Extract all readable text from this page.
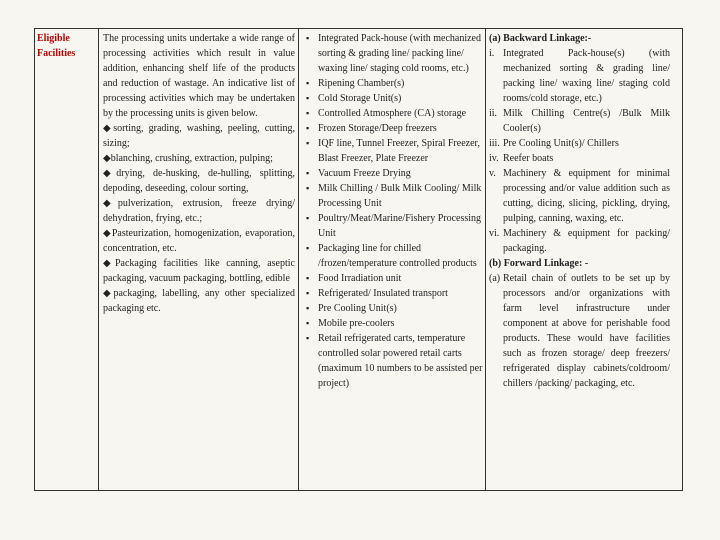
Eligible
Facilities

The processing units undertake a wide range of processing activities which result in value addition, enhancing shelf life of the products and reduction of wastage. An indicative list of processing activities which may be undertaken by the processing units is given below.

◆sorting, grading, washing, peeling, cutting, sizing;

◆blanching, crushing, extraction, pulping;

◆drying, de-husking, de-hulling, splitting, depoding, deseeding, colour sorting,

◆pulverization, extrusion, freeze drying/ dehydration, frying, etc.;

◆Pasteurization, homogenization, evaporation, concentration, etc.

◆Packaging facilities like canning, aseptic packaging, vacuum packaging, bottling, edible

◆packaging, labelling, any other specialized packaging etc.

▪ Integrated Pack-house (with mechanized sorting & grading line/ packing line/ waxing line/ staging cold rooms, etc.)
▪ Ripening Chamber(s)
▪ Cold Storage Unit(s)
▪ Controlled Atmosphere (CA) storage
▪ Frozen Storage/Deep freezers
▪ IQF line, Tunnel Freezer, Spiral Freezer, Blast Freezer, Plate Freezer
▪ Vacuum Freeze Drying
▪ Milk Chilling / Bulk Milk Cooling/ Milk Processing Unit
▪ Poultry/Meat/Marine/Fishery Processing Unit
▪ Packaging line for chilled /frozen/temperature controlled products
▪ Food Irradiation unit
▪ Refrigerated/ Insulated transport
▪ Pre Cooling Unit(s)
▪ Mobile pre-coolers
▪ Retail refrigerated carts, temperature controlled solar powered retail carts (maximum 10 numbers to be assisted per project)
(a) Backward Linkage:-
i. Integrated Pack-house(s) (with mechanized sorting & grading line/ packing line/ waxing line/ staging cold rooms/cold storage, etc.)
ii. Milk Chilling Centre(s) /Bulk Milk Cooler(s)
iii. Pre Cooling Unit(s)/ Chillers
iv. Reefer boats
v. Machinery & equipment for minimal processing and/or value addition such as cutting, dicing, slicing, pickling, drying, pulping, canning, waxing, etc.
vi. Machinery & equipment for packing/ packaging.
(b) Forward Linkage: -
(a) Retail chain of outlets to be set up by processors and/or organizations with farm level infrastructure under component at above for perishable food products. These would have facilities such as frozen storage/ deep freezers/ refrigerated display cabinets/coldroom/ chillers /packing/ packaging, etc.
